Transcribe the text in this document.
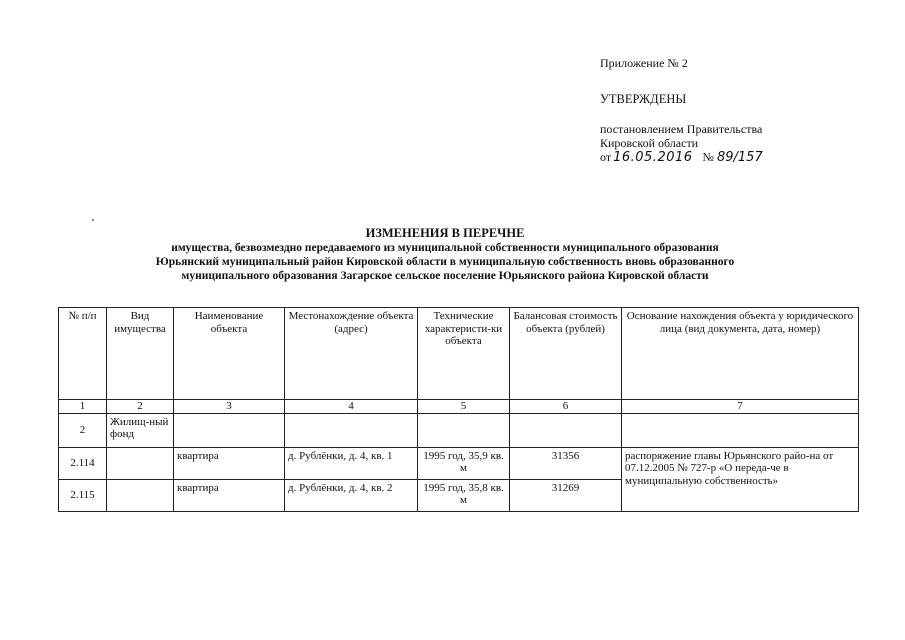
Приложение № 2

УТВЕРЖДЕНЫ

постановлением Правительства

Кировской области

от 16.05.2016 № 89/157

ИЗМЕНЕНИЯ В ПЕРЕЧНЕ
имущества, безвозмездно передаваемого из муниципальной собственности муниципального образования
Юрьянский муниципальный район Кировской области в муниципальную собственность вновь образованного
муниципального образования Загарское сельское поселение Юрьянского района Кировской области
№ п/п	Вид имущества	Наименование объекта	Местонахождение объекта (адрес)	Технические характеристи-ки объекта	Балансовая стоимость объекта (рублей)	Основание нахождения объекта у юридического лица (вид документа, дата, номер)
1	2	3	4	5	6	7
2	Жилищ-ный фонд					
2.114		квартира	д. Рублёнки, д. 4, кв. 1	1995 год, 35,9 кв. м	31356	распоряжение главы Юрьянского райо-на от 07.12.2005 № 727-р «О переда-че в муниципальную собственность»
2.115		квартира	д. Рублёнки, д. 4, кв. 2	1995 год, 35,8 кв. м	31269	
